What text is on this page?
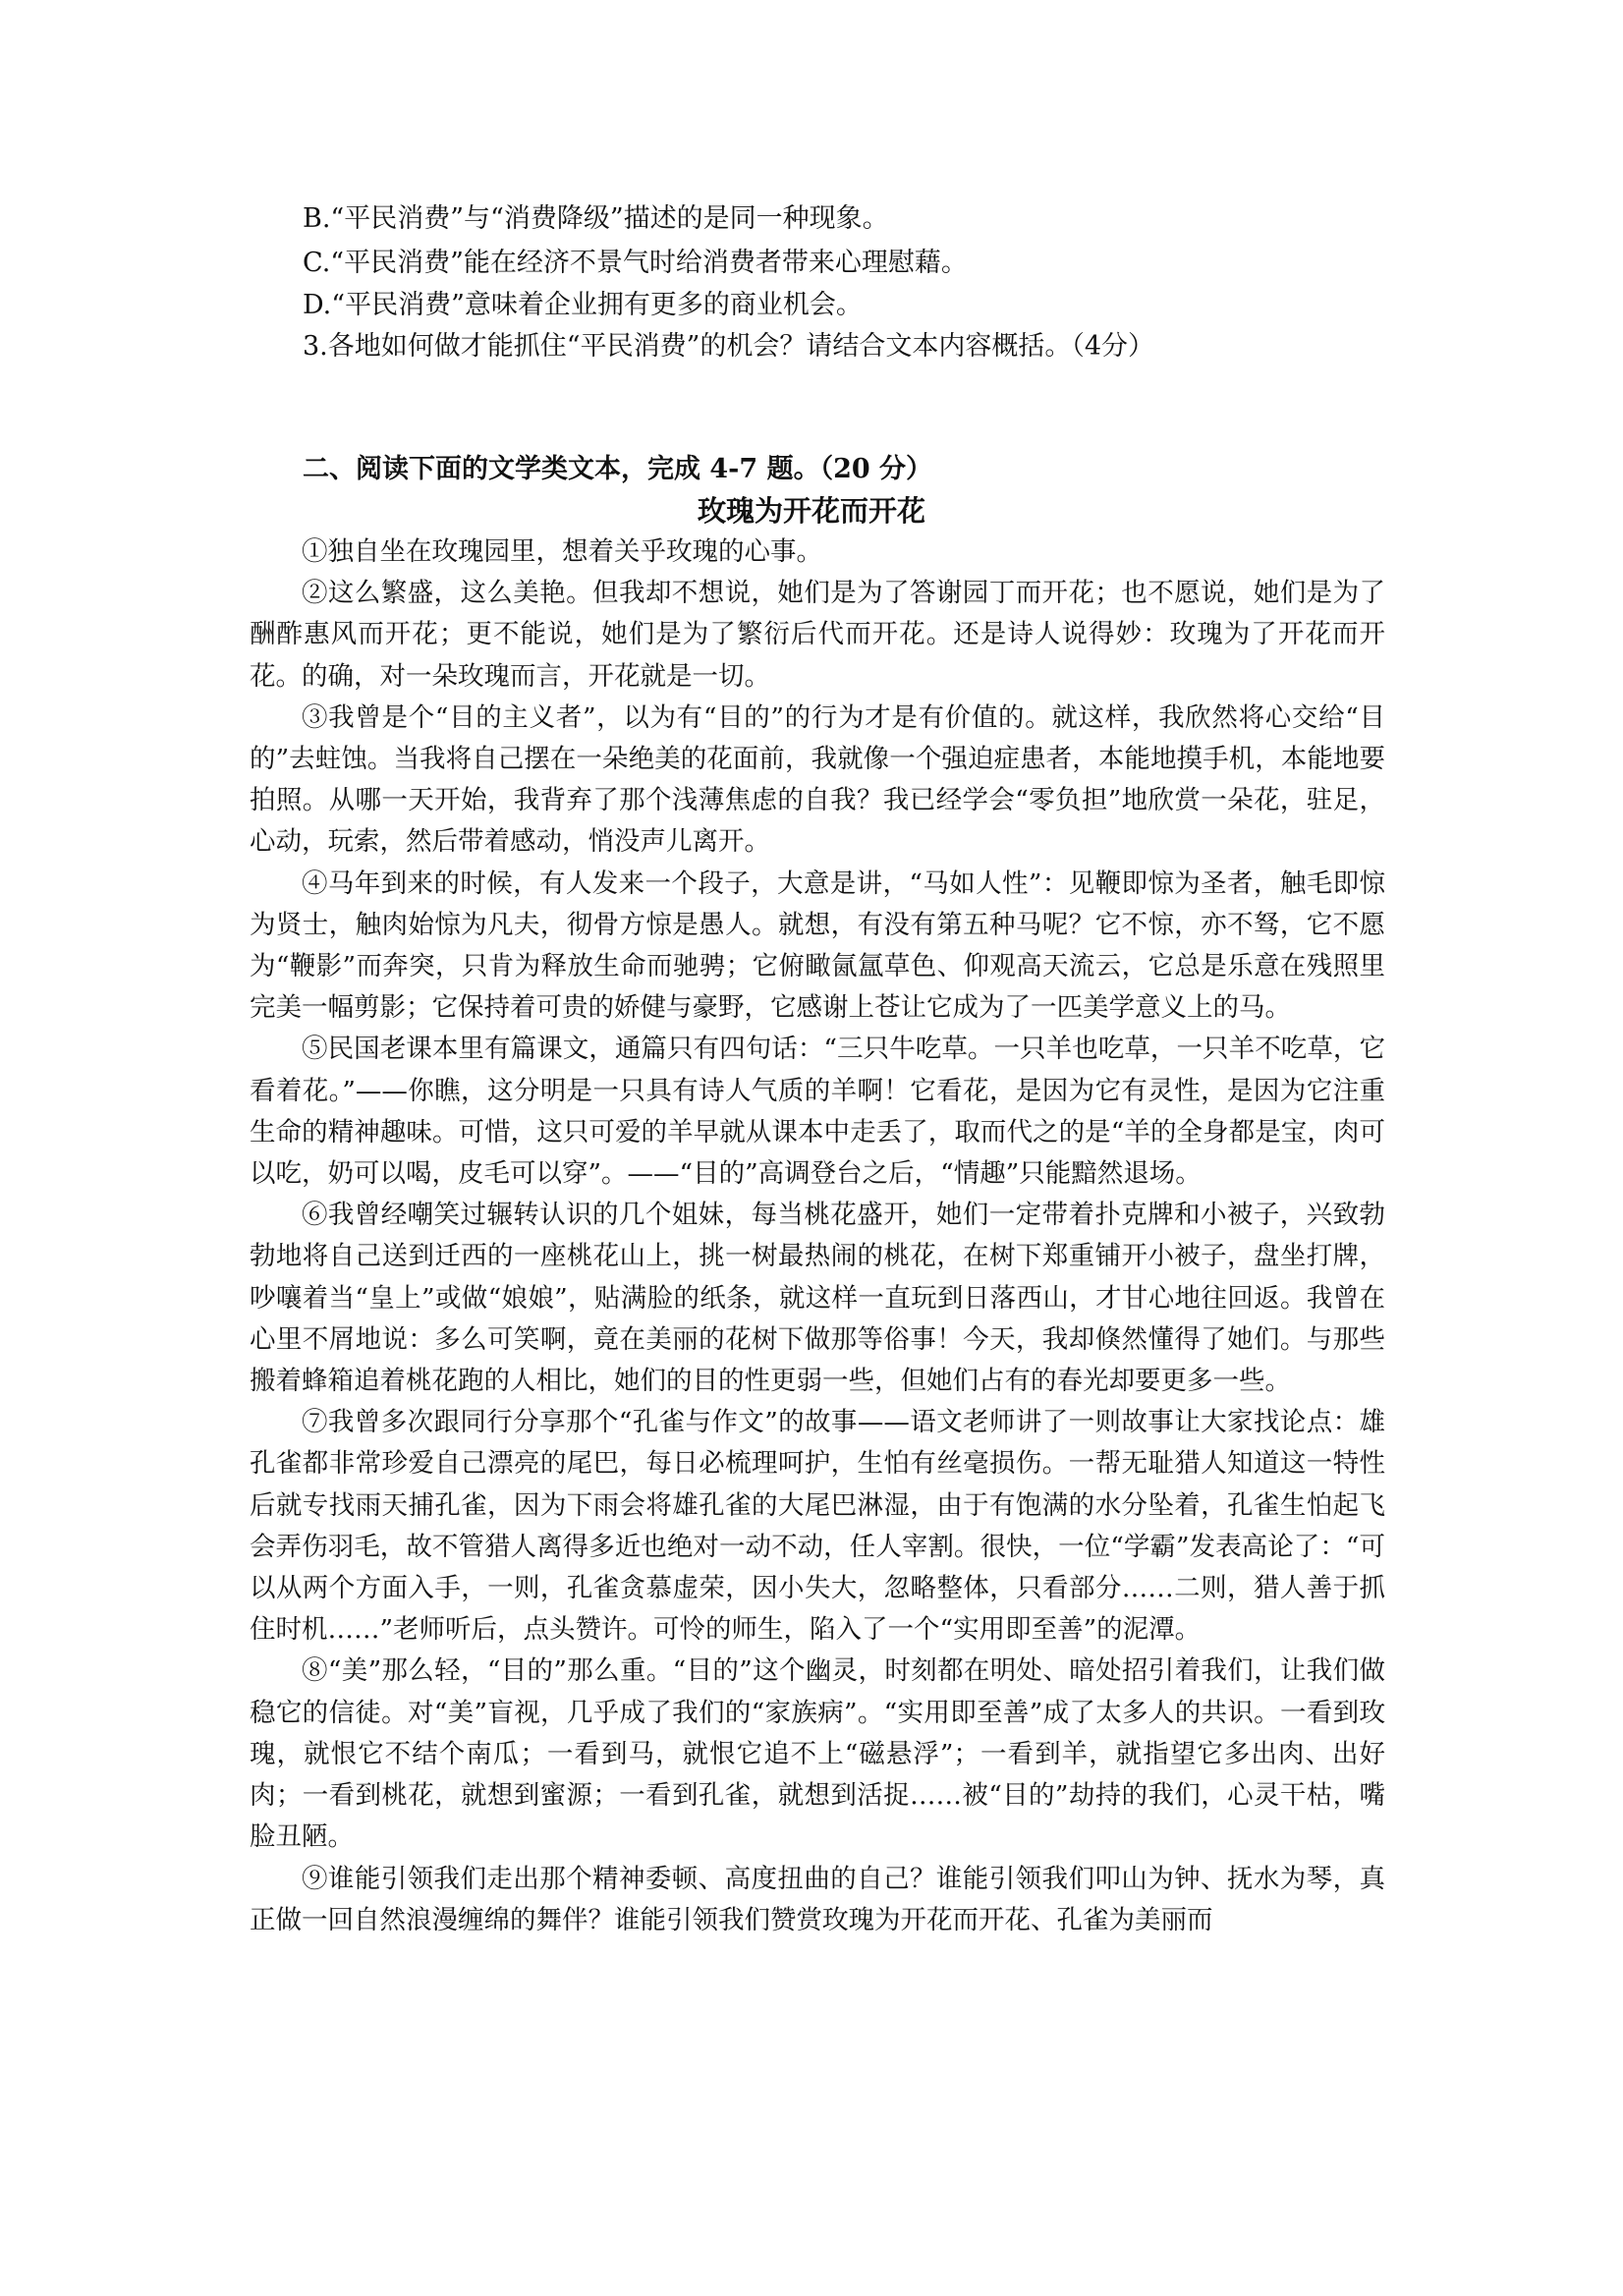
B.“平民消费”与“消费降级”描述的是同一种现象。
C.“平民消费”能在经济不景气时给消费者带来心理慰藉。
D.“平民消费”意味着企业拥有更多的商业机会。
3.各地如何做才能抓住“平民消费”的机会？请结合文本内容概括。（4分）
二、阅读下面的文学类文本，完成 4-7 题。（20 分）
玫瑰为开花而开花

①独自坐在玫瑰园里，想着关乎玫瑰的心事。

②这么繁盛，这么美艳。但我却不想说，她们是为了答谢园丁而开花；也不愿说，她们是为了酬酢惠风而开花；更不能说，她们是为了繁衍后代而开花。还是诗人说得妙：玫瑰为了开花而开花。的确，对一朵玫瑰而言，开花就是一切。

③我曾是个“目的主义者”，以为有“目的”的行为才是有价值的。就这样，我欣然将心交给“目的”去蛀蚀。当我将自己摆在一朵绝美的花面前，我就像一个强迫症患者，本能地摸手机，本能地要拍照。从哪一天开始，我背弃了那个浅薄焦虑的自我？我已经学会“零负担”地欣赏一朵花，驻足，心动，玩索，然后带着感动，悄没声儿离开。

④马年到来的时候，有人发来一个段子，大意是讲，“马如人性”：见鞭即惊为圣者，触毛即惊为贤士，触肉始惊为凡夫，彻骨方惊是愚人。就想，有没有第五种马呢？它不惊，亦不驽，它不愿为“鞭影”而奔突，只肯为释放生命而驰骋；它俯瞰氤氲草色、仰观高天流云，它总是乐意在残照里完美一幅剪影；它保持着可贵的娇健与豪野，它感谢上苍让它成为了一匹美学意义上的马。

⑤民国老课本里有篇课文，通篇只有四句话：“三只牛吃草。一只羊也吃草，一只羊不吃草，它看着花。”——你瞧，这分明是一只具有诗人气质的羊啊！它看花，是因为它有灵性，是因为它注重生命的精神趣味。可惜，这只可爱的羊早就从课本中走丢了，取而代之的是“羊的全身都是宝，肉可以吃，奶可以喝，皮毛可以穿”。——“目的”高调登台之后，“情趣”只能黯然退场。

⑥我曾经嘲笑过辗转认识的几个姐妹，每当桃花盛开，她们一定带着扑克牌和小被子，兴致勃勃地将自己送到迁西的一座桃花山上，挑一树最热闹的桃花，在树下郑重铺开小被子，盘坐打牌，吵嚷着当“皇上”或做“娘娘”，贴满脸的纸条，就这样一直玩到日落西山，才甘心地往回返。我曾在心里不屑地说：多么可笑啊，竟在美丽的花树下做那等俗事！今天，我却倏然懂得了她们。与那些搬着蜂箱追着桃花跑的人相比，她们的目的性更弱一些，但她们占有的春光却要更多一些。

⑦我曾多次跟同行分享那个“孔雀与作文”的故事——语文老师讲了一则故事让大家找论点：雄孔雀都非常珍爱自己漂亮的尾巴，每日必梳理呵护，生怕有丝毫损伤。一帮无耻猎人知道这一特性后就专找雨天捕孔雀，因为下雨会将雄孔雀的大尾巴淋湿，由于有饱满的水分坠着，孔雀生怕起飞会弄伤羽毛，故不管猎人离得多近也绝对一动不动，任人宰割。很快，一位“学霸”发表高论了：“可以从两个方面入手，一则，孔雀贪慕虚荣，因小失大，忽略整体，只看部分……二则，猎人善于抓住时机……”老师听后，点头赞许。可怜的师生，陷入了一个“实用即至善”的泥潭。

⑧“美”那么轻，“目的”那么重。“目的”这个幽灵，时刻都在明处、暗处招引着我们，让我们做稳它的信徒。对“美”盲视，几乎成了我们的“家族病”。“实用即至善”成了太多人的共识。一看到玫瑰，就恨它不结个南瓜；一看到马，就恨它追不上“磁悬浮”；一看到羊，就指望它多出肉、出好肉；一看到桃花，就想到蜜源；一看到孔雀，就想到活捉……被“目的”劫持的我们，心灵干枯，嘴脸丑陋。

⑨谁能引领我们走出那个精神委顿、高度扭曲的自己？谁能引领我们叩山为钟、抚水为琴，真正做一回自然浪漫缠绵的舞伴？谁能引领我们赞赏玫瑰为开花而开花、孔雀为美丽而
